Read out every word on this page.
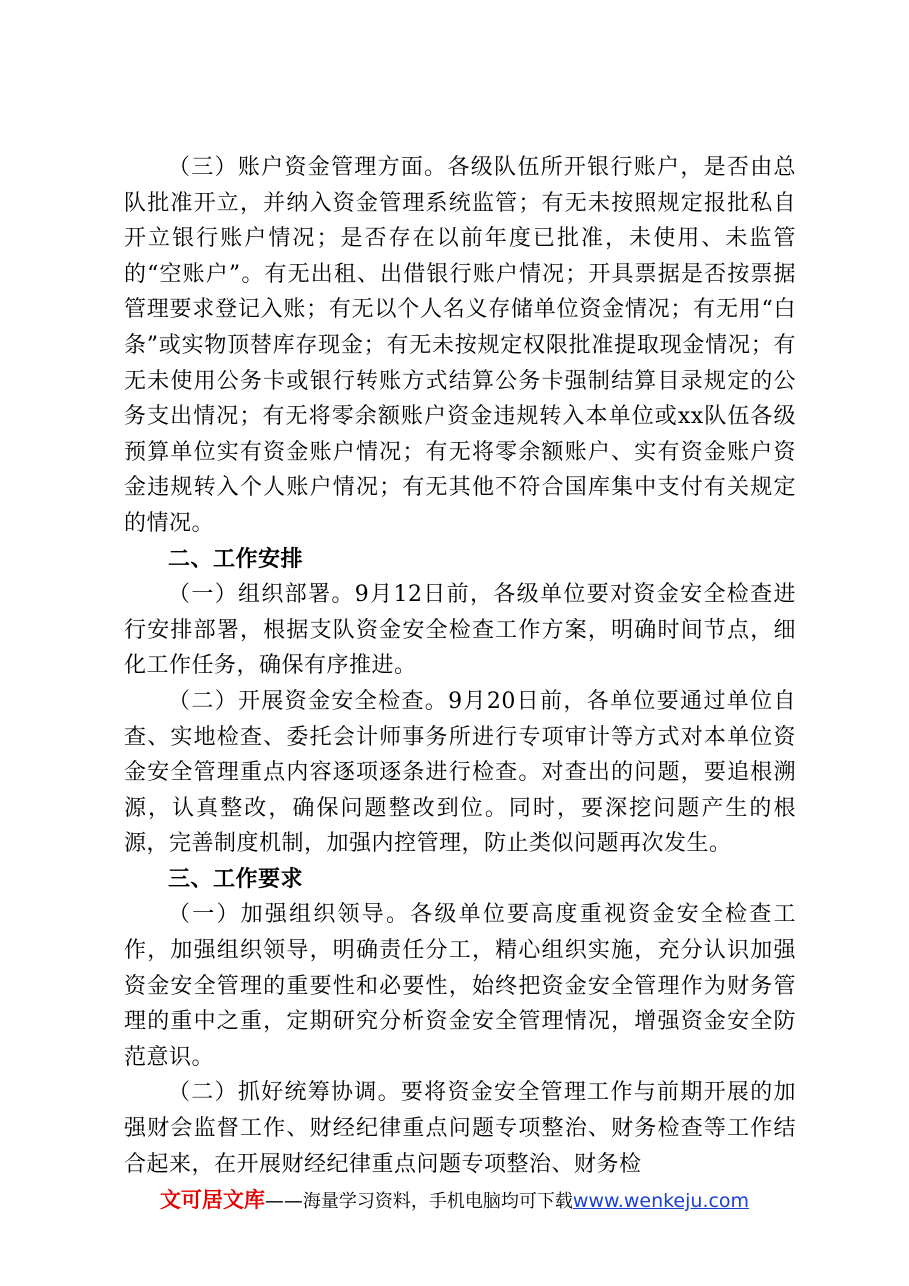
（三）账户资金管理方面。各级队伍所开银行账户，是否由总队批准开立，并纳入资金管理系统监管；有无未按照规定报批私自开立银行账户情况；是否存在以前年度已批准，未使用、未监管的“空账户”。有无出租、出借银行账户情况；开具票据是否按票据管理要求登记入账；有无以个人名义存储单位资金情况；有无用“白条”或实物顶替库存现金；有无未按规定权限批准提取现金情况；有无未使用公务卡或银行转账方式结算公务卡强制结算目录规定的公务支出情况；有无将零余额账户资金违规转入本单位或xx队伍各级预算单位实有资金账户情况；有无将零余额账户、实有资金账户资金违规转入个人账户情况；有无其他不符合国库集中支付有关规定的情况。

二、工作安排

（一）组织部署。9月12日前，各级单位要对资金安全检查进行安排部署，根据支队资金安全检查工作方案，明确时间节点，细化工作任务，确保有序推进。

（二）开展资金安全检查。9月20日前，各单位要通过单位自查、实地检查、委托会计师事务所进行专项审计等方式对本单位资金安全管理重点内容逐项逐条进行检查。对查出的问题，要追根溯源，认真整改，确保问题整改到位。同时，要深挖问题产生的根源，完善制度机制，加强内控管理，防止类似问题再次发生。

三、工作要求

（一）加强组织领导。各级单位要高度重视资金安全检查工作，加强组织领导，明确责任分工，精心组织实施，充分认识加强资金安全管理的重要性和必要性，始终把资金安全管理作为财务管理的重中之重，定期研究分析资金安全管理情况，增强资金安全防范意识。

（二）抓好统筹协调。要将资金安全管理工作与前期开展的加强财会监督工作、财经纪律重点问题专项整治、财务检查等工作结合起来，在开展财经纪律重点问题专项整治、财务检

文可居文库——海量学习资料，手机电脑均可下载www.wenkeju.com
